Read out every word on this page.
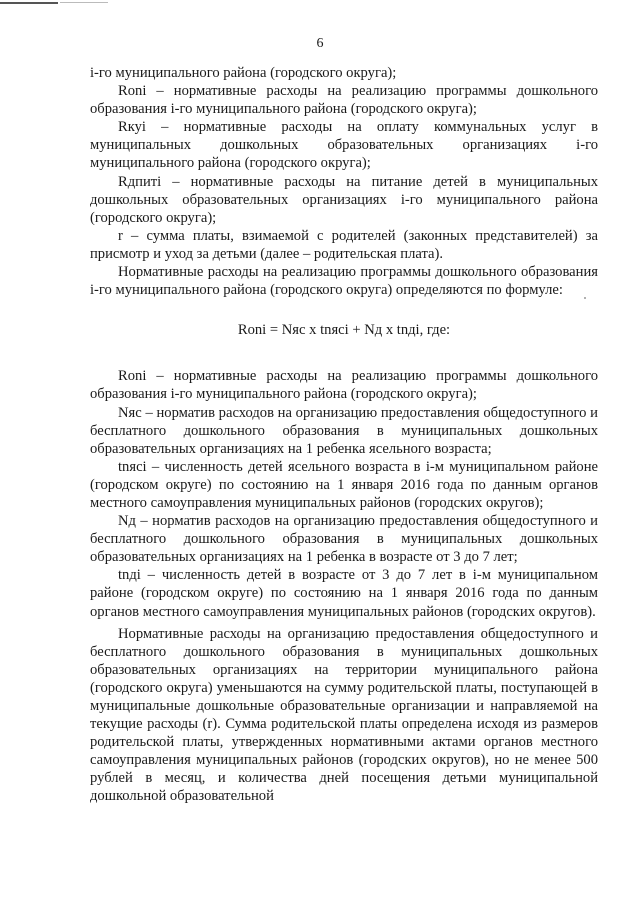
6

i-го муниципального района (городского округа);

Rоnі – нормативные расходы на реализацию программы дошкольного образования i-го муниципального района (городского округа);

Rкуі – нормативные расходы на оплату коммунальных услуг в муниципальных дошкольных образовательных организациях i-го муниципального района (городского округа);

Rдпиті – нормативные расходы на питание детей в муниципальных дошкольных образовательных организациях i-го муниципального района (городского округа);

r – сумма платы, взимаемой с родителей (законных представителей) за присмотр и уход за детьми (далее – родительская плата).

Нормативные расходы на реализацию программы дошкольного образования i-го муниципального района (городского округа) определяются по формуле:

Rоnі = Nяс x tnясі + Nд x tnдi, где:

Rоnі – нормативные расходы на реализацию программы дошкольного образования i-го муниципального района (городского округа);

Nяс – норматив расходов на организацию предоставления общедоступного и бесплатного дошкольного образования в муниципальных дошкольных образовательных организациях на 1 ребенка ясельного возраста;

tnясі – численность детей ясельного возраста в i-м муниципальном районе (городском округе) по состоянию на 1 января 2016 года по данным органов местного самоуправления муниципальных районов (городских округов);

Nд – норматив расходов на организацию предоставления общедоступного и бесплатного дошкольного образования в муниципальных дошкольных образовательных организациях на 1 ребенка в возрасте от 3 до 7 лет;

tnдi – численность детей в возрасте от 3 до 7 лет в i-м муниципальном районе (городском округе) по состоянию на 1 января 2016 года по данным органов местного самоуправления муниципальных районов (городских округов).

Нормативные расходы на организацию предоставления общедоступного и бесплатного дошкольного образования в муниципальных дошкольных образовательных организациях на территории муниципального района (городского округа) уменьшаются на сумму родительской платы, поступающей в муниципальные дошкольные образовательные организации и направляемой на текущие расходы (r). Сумма родительской платы определена исходя из размеров родительской платы, утвержденных нормативными актами органов местного самоуправления муниципальных районов (городских округов), но не менее 500 рублей в месяц, и количества дней посещения детьми муниципальной дошкольной образовательной
